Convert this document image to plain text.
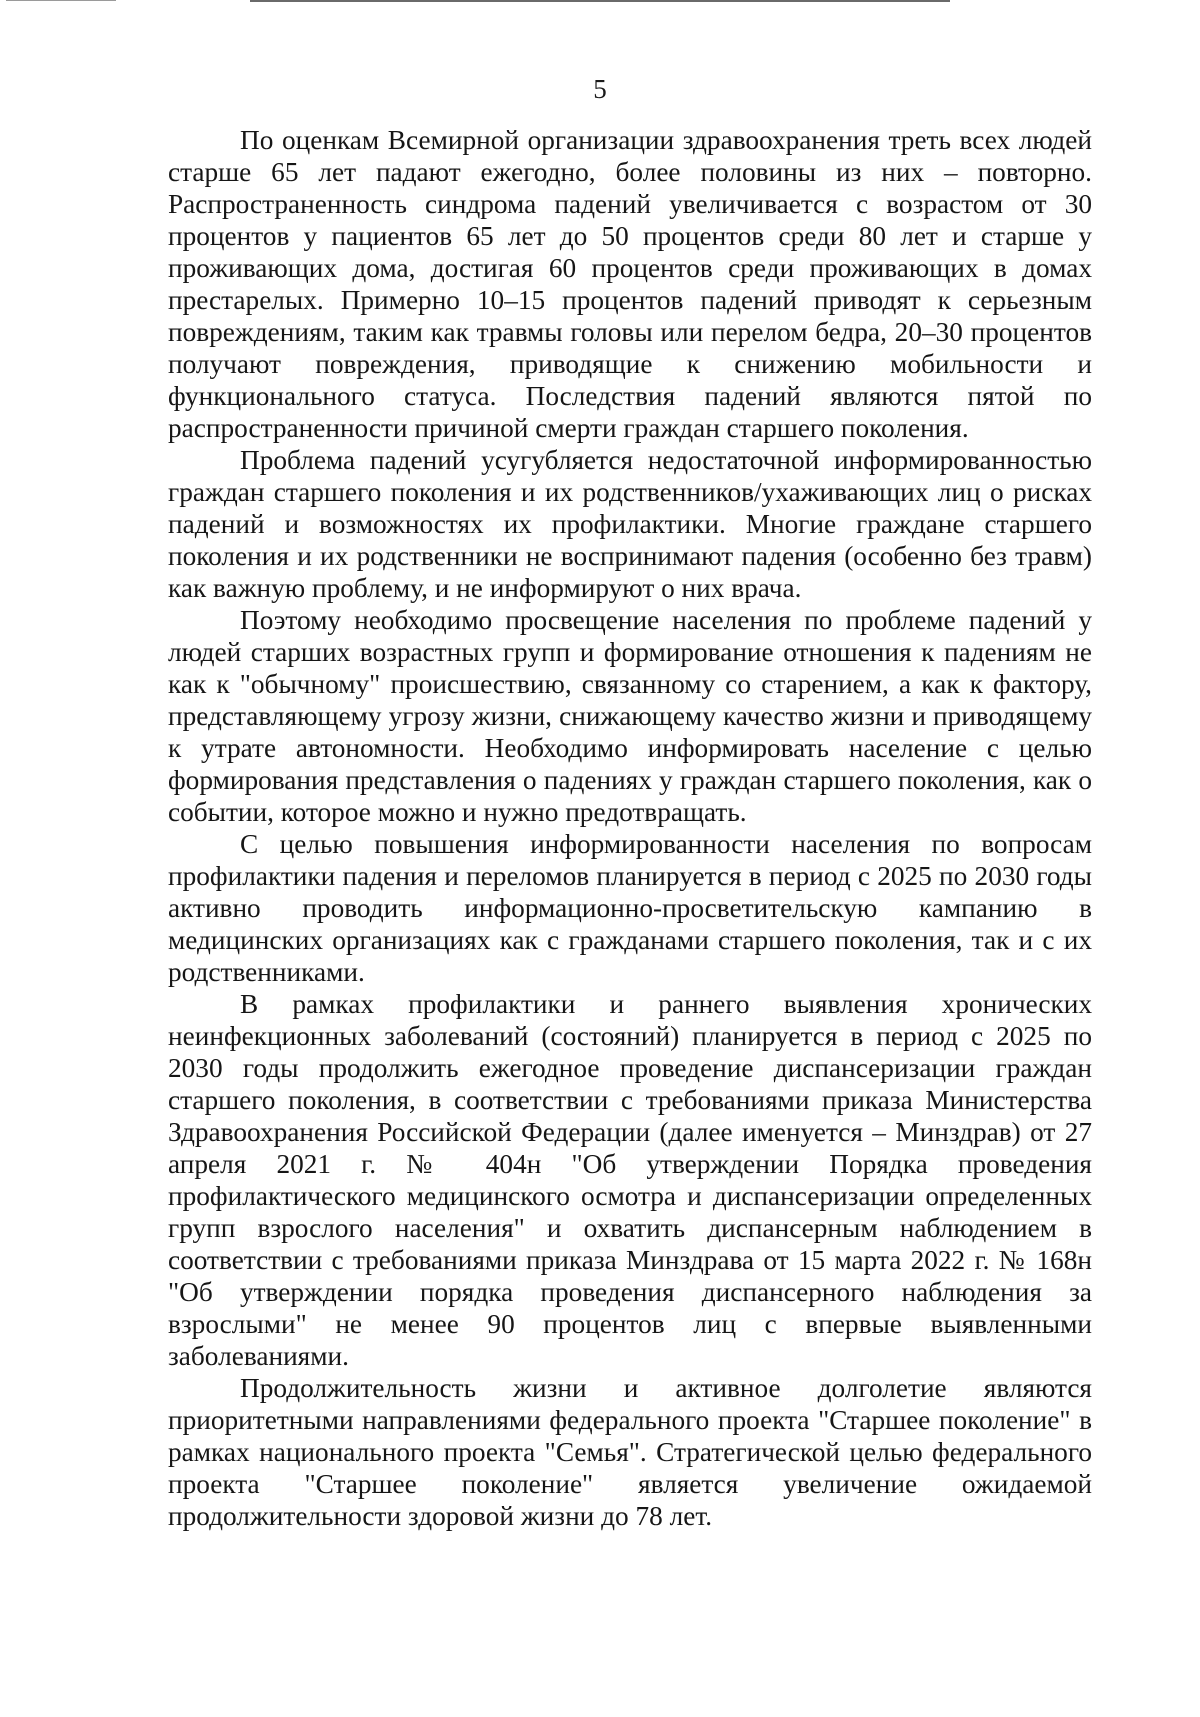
5

По оценкам Всемирной организации здравоохранения треть всех людей старше 65 лет падают ежегодно, более половины из них – повторно. Распространенность синдрома падений увеличивается с возрастом от 30 процентов у пациентов 65 лет до 50 процентов среди 80 лет и старше у проживающих дома, достигая 60 процентов среди проживающих в домах престарелых. Примерно 10–15 процентов падений приводят к серьезным повреждениям, таким как травмы головы или перелом бедра, 20–30 процентов получают повреждения, приводящие к снижению мобильности и функционального статуса. Последствия падений являются пятой по распространенности причиной смерти граждан старшего поколения.

Проблема падений усугубляется недостаточной информированностью граждан старшего поколения и их родственников/ухаживающих лиц о рисках падений и возможностях их профилактики. Многие граждане старшего поколения и их родственники не воспринимают падения (особенно без травм) как важную проблему, и не информируют о них врача.

Поэтому необходимо просвещение населения по проблеме падений у людей старших возрастных групп и формирование отношения к падениям не как к "обычному" происшествию, связанному со старением, а как к фактору, представляющему угрозу жизни, снижающему качество жизни и приводящему к утрате автономности. Необходимо информировать население с целью формирования представления о падениях у граждан старшего поколения, как о событии, которое можно и нужно предотвращать.

С целью повышения информированности населения по вопросам профилактики падения и переломов планируется в период с 2025 по 2030 годы активно проводить информационно-просветительскую кампанию в медицинских организациях как с гражданами старшего поколения, так и с их родственниками.

В рамках профилактики и раннего выявления хронических неинфекционных заболеваний (состояний) планируется в период с 2025 по 2030 годы продолжить ежегодное проведение диспансеризации граждан старшего поколения, в соответствии с требованиями приказа Министерства Здравоохранения Российской Федерации (далее именуется – Минздрав) от 27 апреля 2021 г. № 404н "Об утверждении Порядка проведения профилактического медицинского осмотра и диспансеризации определенных групп взрослого населения" и охватить диспансерным наблюдением в соответствии с требованиями приказа Минздрава от 15 марта 2022 г. № 168н "Об утверждении порядка проведения диспансерного наблюдения за взрослыми" не менее 90 процентов лиц с впервые выявленными заболеваниями.

Продолжительность жизни и активное долголетие являются приоритетными направлениями федерального проекта "Старшее поколение" в рамках национального проекта "Семья". Стратегической целью федерального проекта "Старшее поколение" является увеличение ожидаемой продолжительности здоровой жизни до 78 лет.
